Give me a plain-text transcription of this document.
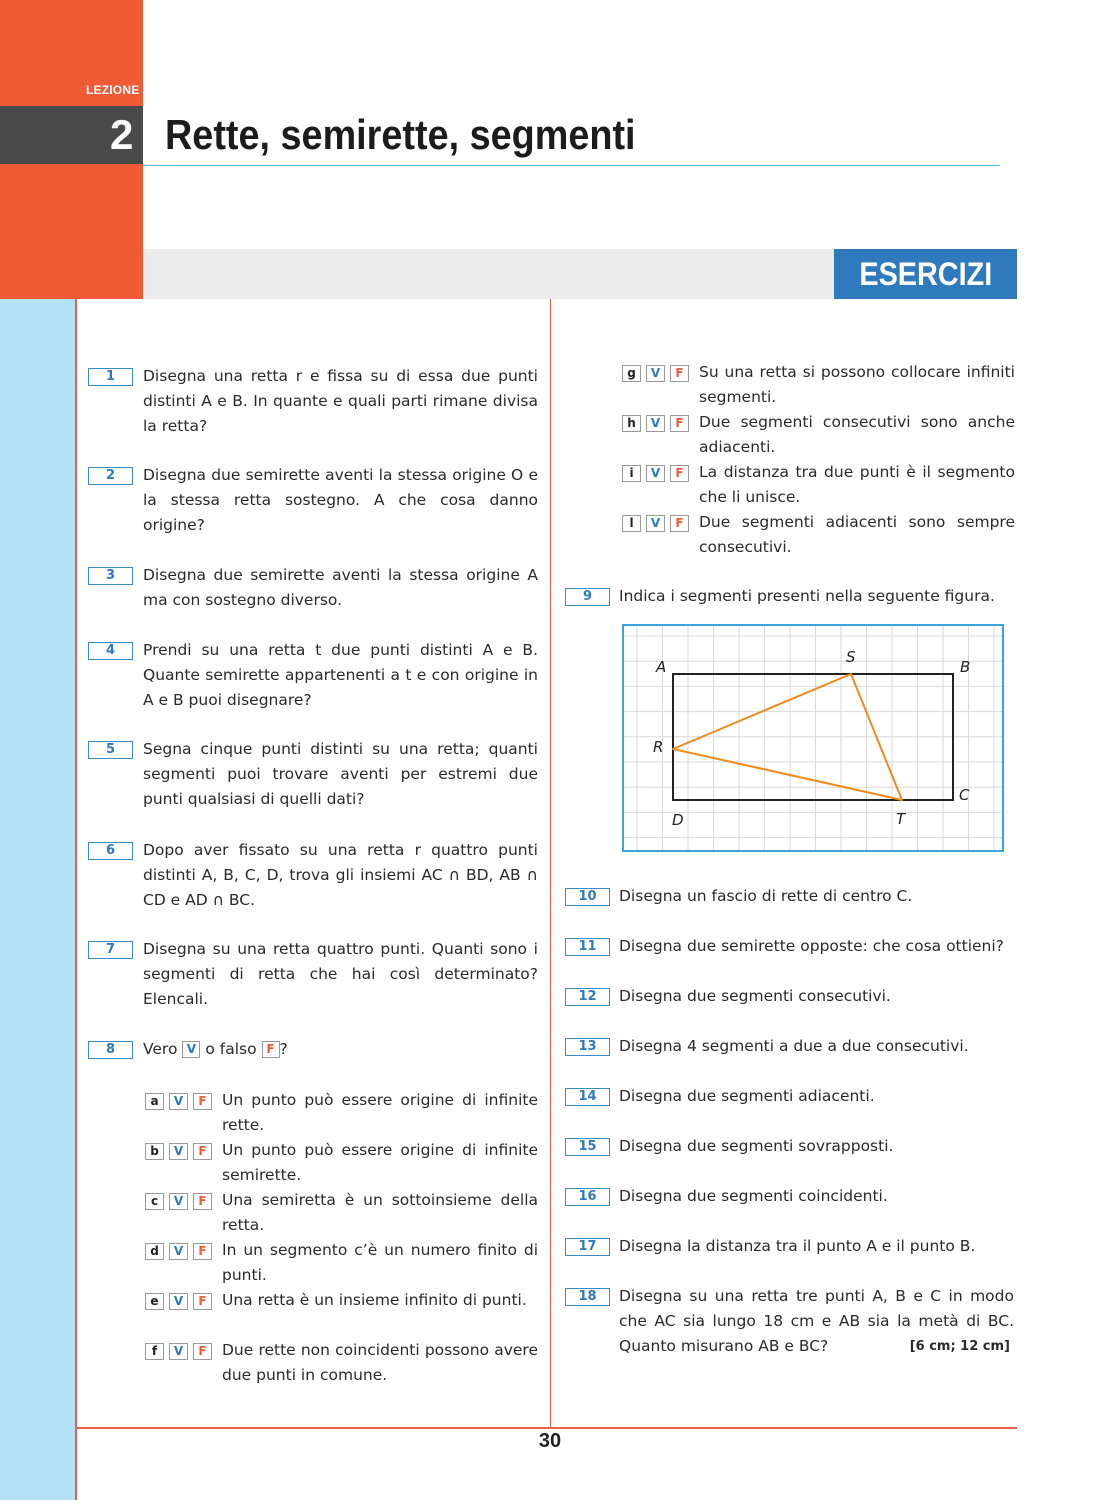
LEZIONE
2 Rette, semirette, segmenti
ESERCIZI
30
1	Disegna una retta r e fissa su di essa due punti distinti A e B. In quante e quali parti rimane divisa la retta?
2	Disegna due semirette aventi la stessa origine O e la stessa retta sostegno. A che cosa danno origine?
3	Disegna due semirette aventi la stessa origine A ma con sostegno diverso.
4	Prendi su una retta t due punti distinti A e B. Quante semirette appartenenti a t e con origine in A e B puoi disegnare?
5	Segna cinque punti distinti su una retta; quanti segmenti puoi trovare aventi per estremi due punti qualsiasi di quelli dati?
6	Dopo aver fissato su una retta r quattro punti distinti A, B, C, D, trova gli insiemi AC ∩ BD, AB ∩ CD e AD ∩ BC.
7	Disegna su una retta quattro punti. Quanti sono i segmenti di retta che hai così determinato? Elencali.
8	Vero V o falso F ?
a	V	F Un punto può essere origine di infinite rette.
b	V	F Un punto può essere origine di infinite semirette.
c	V	F Una semiretta è un sottoinsieme della retta.
d	V	F In un segmento c’è un numero finito di punti.
e	V	F Una retta è un insieme infinito di punti.
f	V	F Due rette non coincidenti possono avere due punti in comune.
g	V	F Su una retta si possono collocare infiniti segmenti.
h	V	F Due segmenti consecutivi sono anche adiacenti.
i	V	F La distanza tra due punti è il segmento che li unisce.
l	V	F Due segmenti adiacenti sono sempre consecutivi.
9	Indica i segmenti presenti nella seguente figura.
A	B
C
D
S
R
T
10	Disegna un fascio di rette di centro C.
11	Disegna due semirette opposte: che cosa ottieni?
12	Disegna due segmenti consecutivi.
13	Disegna 4 segmenti a due a due consecutivi.
14	Disegna due segmenti adiacenti.
15	Disegna due segmenti sovrapposti.
16	Disegna due segmenti coincidenti.
17	Disegna la distanza tra il punto A e il punto B.
18	Disegna su una retta tre punti A, B e C in modo che AC sia lungo 18 cm e AB sia la metà di BC. Quanto misurano AB e BC?	[6 cm; 12 cm]
